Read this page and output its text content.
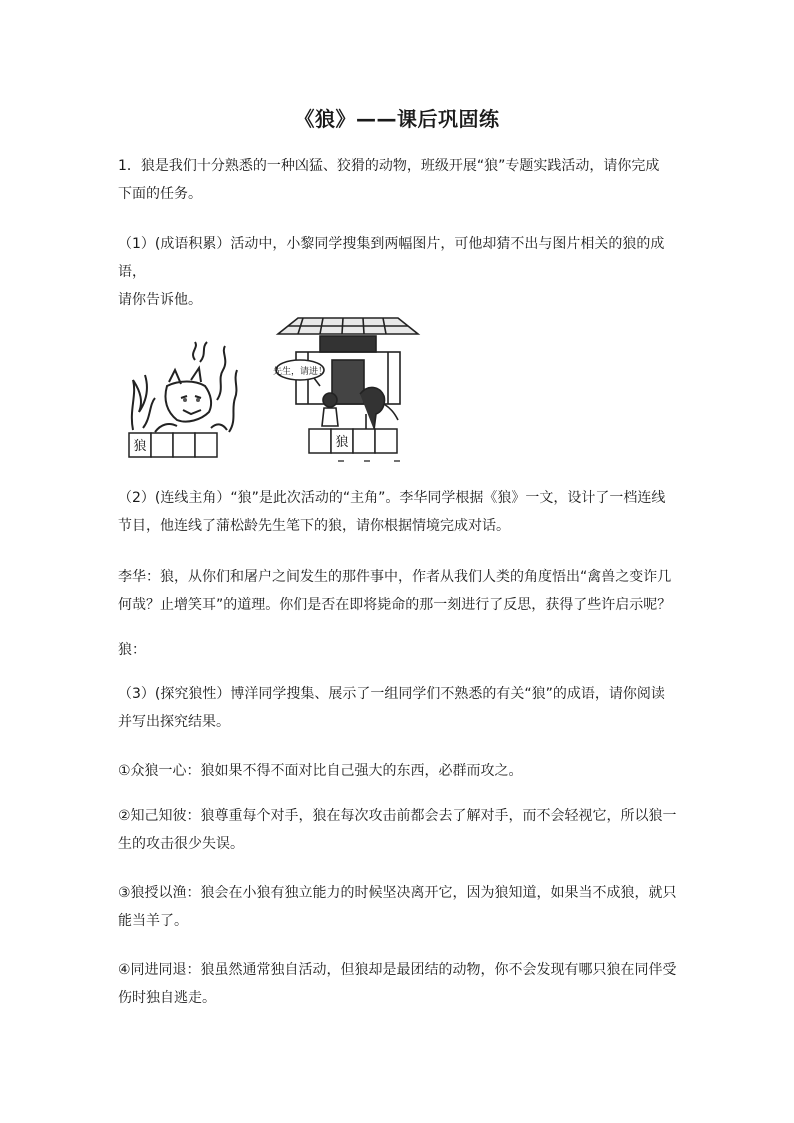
《狼》——课后巩固练
1．狼是我们十分熟悉的一种凶猛、狡猾的动物，班级开展“狼”专题实践活动，请你完成
下面的任务。
（1）(成语积累）活动中，小黎同学搜集到两幅图片，可他却猜不出与图片相关的狼的成语，
请你告诉他。
狼
先生，请进！
狼
（2）(连线主角）“狼”是此次活动的“主角”。李华同学根据《狼》一文，设计了一档连线
节目，他连线了蒲松龄先生笔下的狼，请你根据情境完成对话。
李华：狼，从你们和屠户之间发生的那件事中，作者从我们人类的角度悟出“禽兽之变诈几
何哉？止增笑耳”的道理。你们是否在即将毙命的那一刻进行了反思，获得了些许启示呢？
狼：
（3）(探究狼性）博洋同学搜集、展示了一组同学们不熟悉的有关“狼”的成语，请你阅读
并写出探究结果。
①众狼一心：狼如果不得不面对比自己强大的东西，必群而攻之。
②知己知彼：狼尊重每个对手，狼在每次攻击前都会去了解对手，而不会轻视它，所以狼一
生的攻击很少失误。
③狼授以渔：狼会在小狼有独立能力的时候坚决离开它，因为狼知道，如果当不成狼，就只
能当羊了。
④同进同退：狼虽然通常独自活动，但狼却是最团结的动物，你不会发现有哪只狼在同伴受
伤时独自逃走。
